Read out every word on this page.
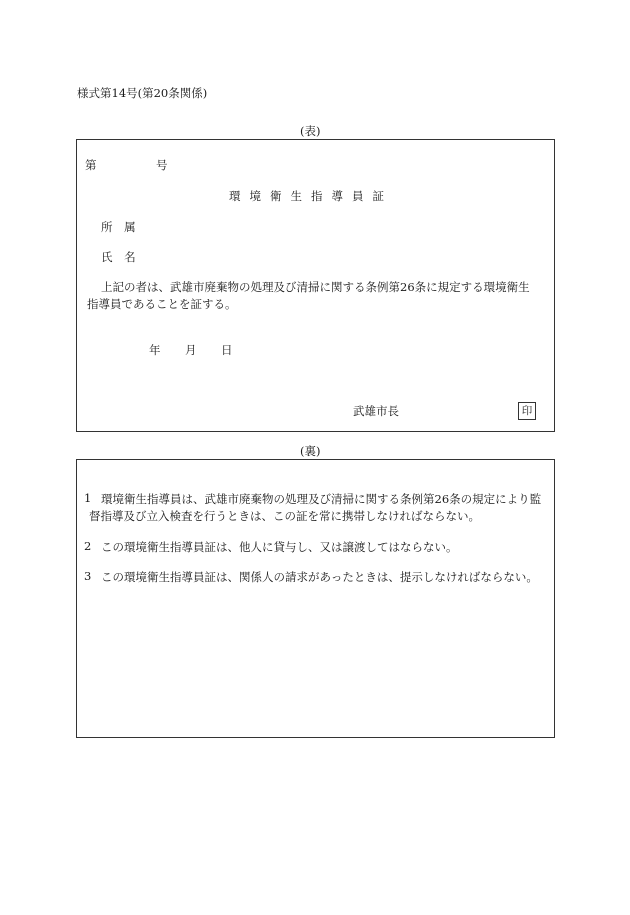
様式第14号(第20条関係)
(表)
第	号
環境衛生指導員証
所 属
氏 名
上記の者は、武雄市廃棄物の処理及び清掃に関する条例第26条に規定する環境衛生
指導員であることを証する。
年 月 日
武雄市長	印
(裏)
1 環境衛生指導員は、武雄市廃棄物の処理及び清掃に関する条例第26条の規定により監
督指導及び立入検査を行うときは、この証を常に携帯しなければならない。
2 この環境衛生指導員証は、他人に貸与し、又は譲渡してはならない。
3 この環境衛生指導員証は、関係人の請求があったときは、提示しなければならない。
